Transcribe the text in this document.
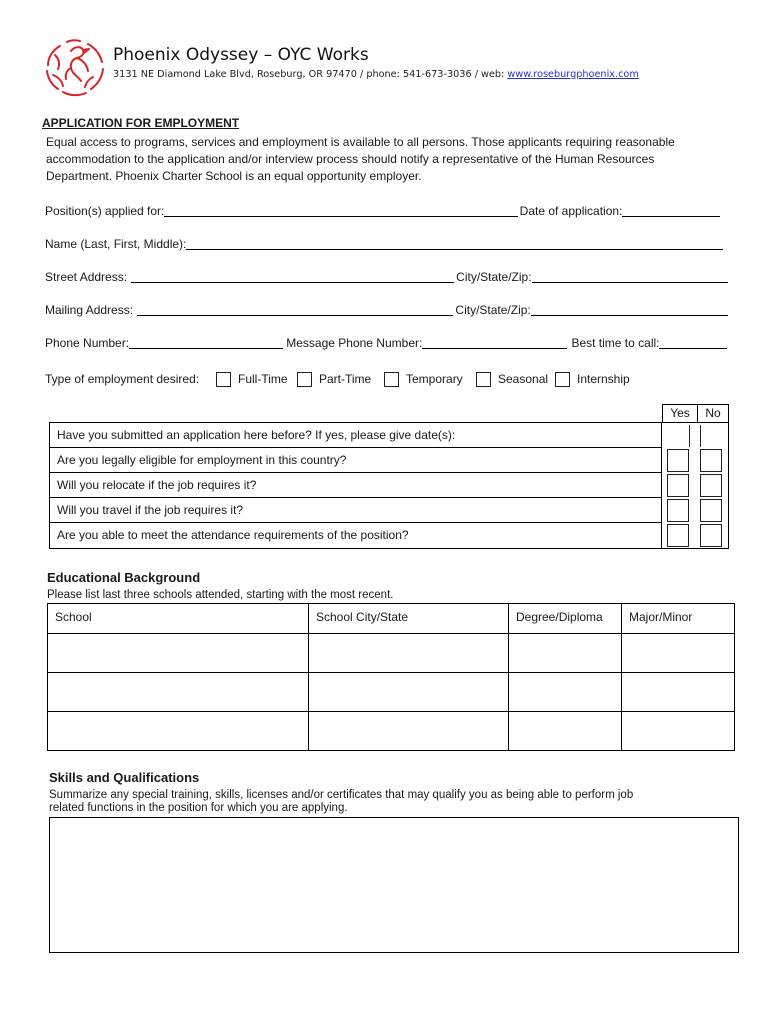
Phoenix Odyssey – OYC Works
3131 NE Diamond Lake Blvd, Roseburg, OR 97470 / phone: 541-673-3036 / web: www.roseburgphoenix.com
APPLICATION FOR EMPLOYMENT
Equal access to programs, services and employment is available to all persons. Those applicants requiring reasonable
accommodation to the application and/or interview process should notify a representative of the Human Resources
Department. Phoenix Charter School is an equal opportunity employer.
Position(s) applied for:	Date of application:
Name (Last, First, Middle):
Street Address:	City/State/Zip:
Mailing Address:	City/State/Zip:
Phone Number:	Message Phone Number:	Best time to call:
Type of employment desired:	Full-Time	Part-Time	Temporary	Seasonal Internship
Yes	No
Have you submitted an application here before? If yes, please give date(s):
Are you legally eligible for employment in this country?
Will you relocate if the job requires it?
Will you travel if the job requires it?
Are you able to meet the attendance requirements of the position?
Educational Background
Please list last three schools attended, starting with the most recent.
School	School City/State	Degree/Diploma	Major/Minor

Skills and Qualifications
Summarize any special training, skills, licenses and/or certificates that may qualify you as being able to perform job
related functions in the position for which you are applying.
